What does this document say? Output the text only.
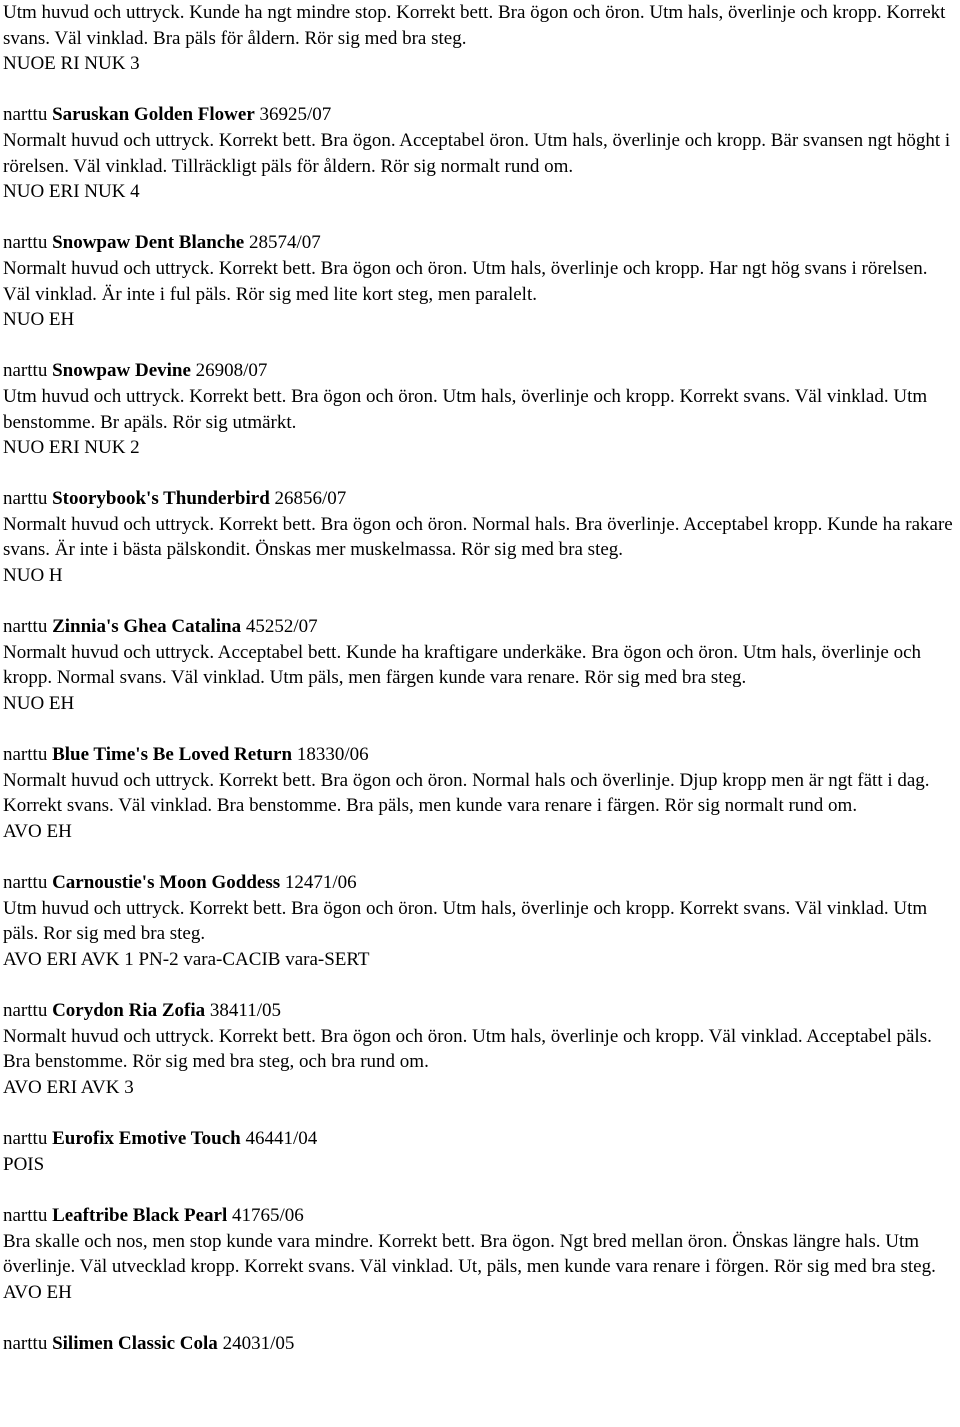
Utm huvud och uttryck. Kunde ha ngt mindre stop. Korrekt bett. Bra ögon och öron. Utm hals, överlinje och kropp. Korrekt svans. Väl vinklad. Bra päls för åldern. Rör sig med bra steg.

NUOE RI NUK 3

narttu Saruskan Golden Flower 36925/07

Normalt huvud och uttryck. Korrekt bett. Bra ögon. Acceptabel öron. Utm hals, överlinje och kropp. Bär svansen ngt höght i rörelsen. Väl vinklad. Tillräckligt päls för åldern. Rör sig normalt rund om.

NUO ERI NUK 4

narttu Snowpaw Dent Blanche 28574/07

Normalt huvud och uttryck. Korrekt bett. Bra ögon och öron. Utm hals, överlinje och kropp. Har ngt hög svans i rörelsen. Väl vinklad. Är inte i ful päls. Rör sig med lite kort steg, men paralelt.

NUO EH

narttu Snowpaw Devine 26908/07

Utm huvud och uttryck. Korrekt bett. Bra ögon och öron. Utm hals, överlinje och kropp. Korrekt svans. Väl vinklad. Utm benstomme. Br apäls. Rör sig utmärkt.

NUO ERI NUK 2

narttu Stoorybook's Thunderbird 26856/07

Normalt huvud och uttryck. Korrekt bett. Bra ögon och öron. Normal hals. Bra överlinje. Acceptabel kropp. Kunde ha rakare svans. Är inte i bästa pälskondit. Önskas mer muskelmassa. Rör sig med bra steg.

NUO H

narttu Zinnia's Ghea Catalina 45252/07

Normalt huvud och uttryck. Acceptabel bett. Kunde ha kraftigare underkäke. Bra ögon och öron. Utm hals, överlinje och kropp. Normal svans. Väl vinklad. Utm päls, men färgen kunde vara renare. Rör sig med bra steg.

NUO EH

narttu Blue Time's Be Loved Return 18330/06

Normalt huvud och uttryck. Korrekt bett. Bra ögon och öron. Normal hals och överlinje. Djup kropp men är ngt fätt i dag. Korrekt svans. Väl vinklad. Bra benstomme. Bra päls, men kunde vara renare i färgen. Rör sig normalt rund om.

AVO EH

narttu Carnoustie's Moon Goddess 12471/06

Utm huvud och uttryck. Korrekt bett. Bra ögon och öron. Utm hals, överlinje och kropp. Korrekt svans. Väl vinklad. Utm päls. Ror sig med bra steg.

AVO ERI AVK 1 PN-2 vara-CACIB vara-SERT

narttu Corydon Ria Zofia 38411/05

Normalt huvud och uttryck. Korrekt bett. Bra ögon och öron. Utm hals, överlinje och kropp. Väl vinklad. Acceptabel päls. Bra benstomme. Rör sig med bra steg, och bra rund om.

AVO ERI AVK 3

narttu Eurofix Emotive Touch 46441/04

POIS

narttu Leaftribe Black Pearl 41765/06

Bra skalle och nos, men stop kunde vara mindre. Korrekt bett. Bra ögon. Ngt bred mellan öron. Önskas längre hals. Utm överlinje. Väl utvecklad kropp. Korrekt svans. Väl vinklad. Ut, päls, men kunde vara renare i förgen. Rör sig med bra steg.

AVO EH

narttu Silimen Classic Cola 24031/05
